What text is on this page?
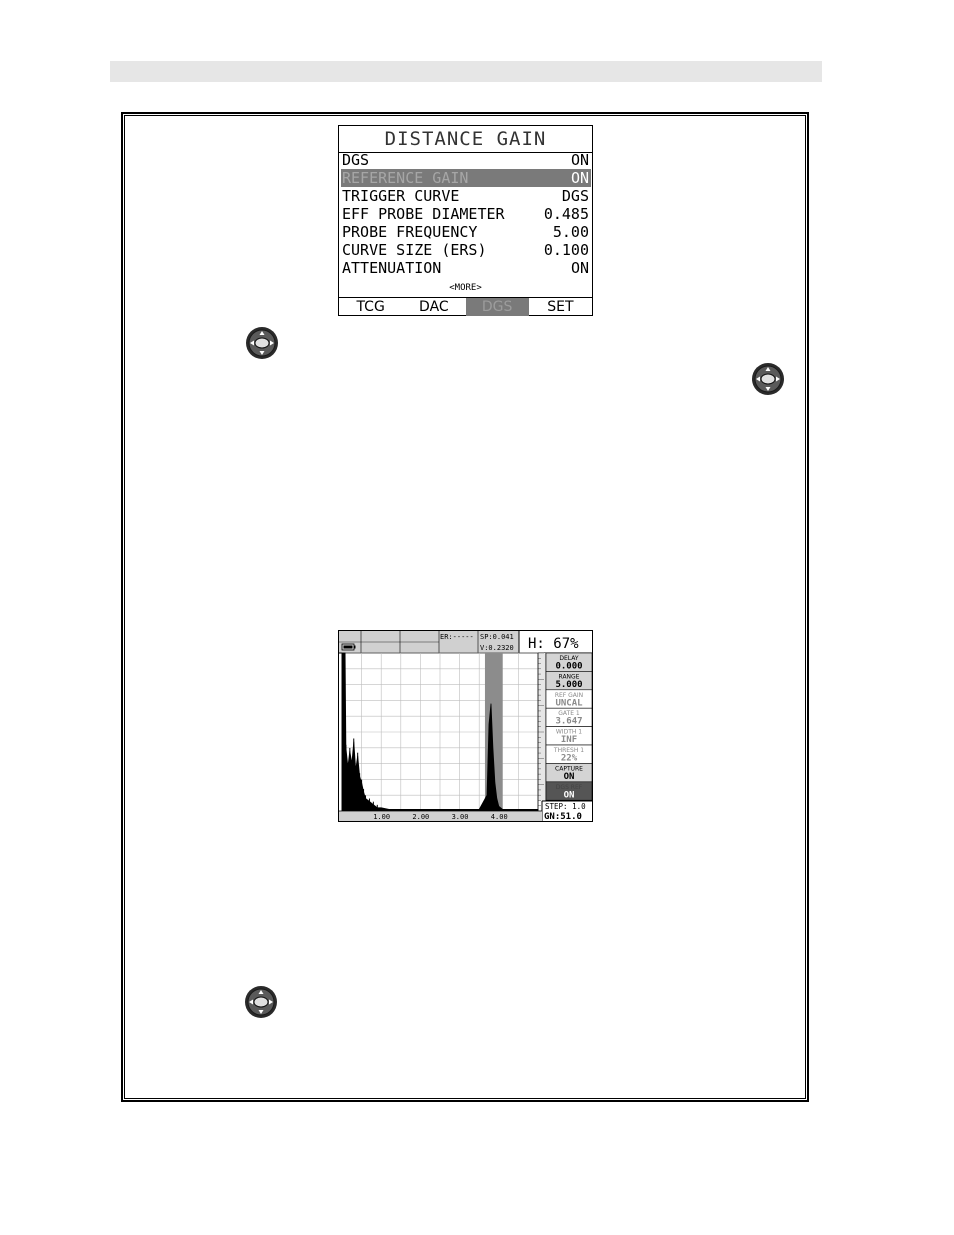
DISTANCE GAIN
DGS	ON
REFERENCE GAIN	ON
TRIGGER CURVE	DGS
EFF PROBE DIAMETER	0.485
PROBE FREQUENCY	5.00
CURVE SIZE (ERS)	0.100
ATTENUATION	ON
<MORE>
TCG	DAC	DGS	SET
ER:----- SP:0.041
V:0.2320 H: 67%
DELAY
0.000
RANGE
5.000
REF GAIN
UNCAL
GATE 1
3.647
WIDTH 1
INF
THRESH 1
22%
CAPTURE
ON
DGS REF
ON
STEP: 1.0
GN:51.0
1.00	2.00	3.00	4.00
